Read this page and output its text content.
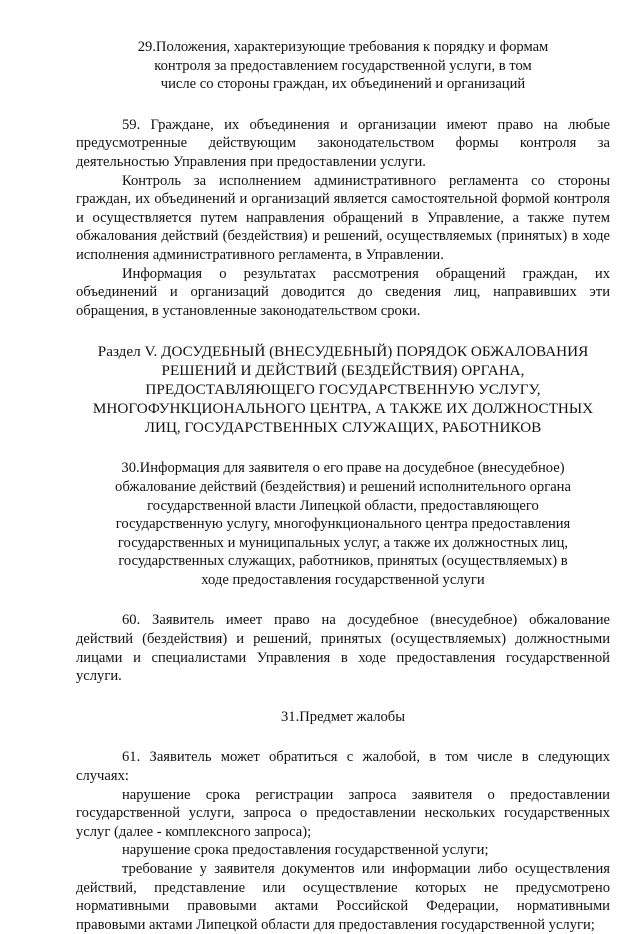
29.Положения, характеризующие требования к порядку и формам
контроля за предоставлением государственной услуги, в том
числе со стороны граждан, их объединений и организаций

59. Граждане, их объединения и организации имеют право на любые предусмотренные действующим законодательством формы контроля за деятельностью Управления при предоставлении услуги.

Контроль за исполнением административного регламента со стороны граждан, их объединений и организаций является самостоятельной формой контроля и осуществляется путем направления обращений в Управление, а также путем обжалования действий (бездействия) и решений, осуществляемых (принятых) в ходе исполнения административного регламента, в Управлении.

Информация о результатах рассмотрения обращений граждан, их объединений и организаций доводится до сведения лиц, направивших эти обращения, в установленные законодательством сроки.

Раздел V. ДОСУДЕБНЫЙ (ВНЕСУДЕБНЫЙ) ПОРЯДОК ОБЖАЛОВАНИЯ
РЕШЕНИЙ И ДЕЙСТВИЙ (БЕЗДЕЙСТВИЯ) ОРГАНА,
ПРЕДОСТАВЛЯЮЩЕГО ГОСУДАРСТВЕННУЮ УСЛУГУ,
МНОГОФУНКЦИОНАЛЬНОГО ЦЕНТРА, А ТАКЖЕ ИХ ДОЛЖНОСТНЫХ
ЛИЦ, ГОСУДАРСТВЕННЫХ СЛУЖАЩИХ, РАБОТНИКОВ
30.Информация для заявителя о его праве на досудебное (внесудебное)
обжалование действий (бездействия) и решений исполнительного органа
государственной власти Липецкой области, предоставляющего
государственную услугу, многофункционального центра предоставления
государственных и муниципальных услуг, а также их должностных лиц,
государственных служащих, работников, принятых (осуществляемых) в
ходе предоставления государственной услуги

60. Заявитель имеет право на досудебное (внесудебное) обжалование действий (бездействия) и решений, принятых (осуществляемых) должностными лицами и специалистами Управления в ходе предоставления государственной услуги.

31.Предмет жалобы

61. Заявитель может обратиться с жалобой, в том числе в следующих случаях:

нарушение срока регистрации запроса заявителя о предоставлении государственной услуги, запроса о предоставлении нескольких государственных услуг (далее - комплексного запроса);

нарушение срока предоставления государственной услуги;

требование у заявителя документов или информации либо осуществления действий, представление или осуществление которых не предусмотрено нормативными правовыми актами Российской Федерации, нормативными правовыми актами Липецкой области для предоставления государственной услуги;
